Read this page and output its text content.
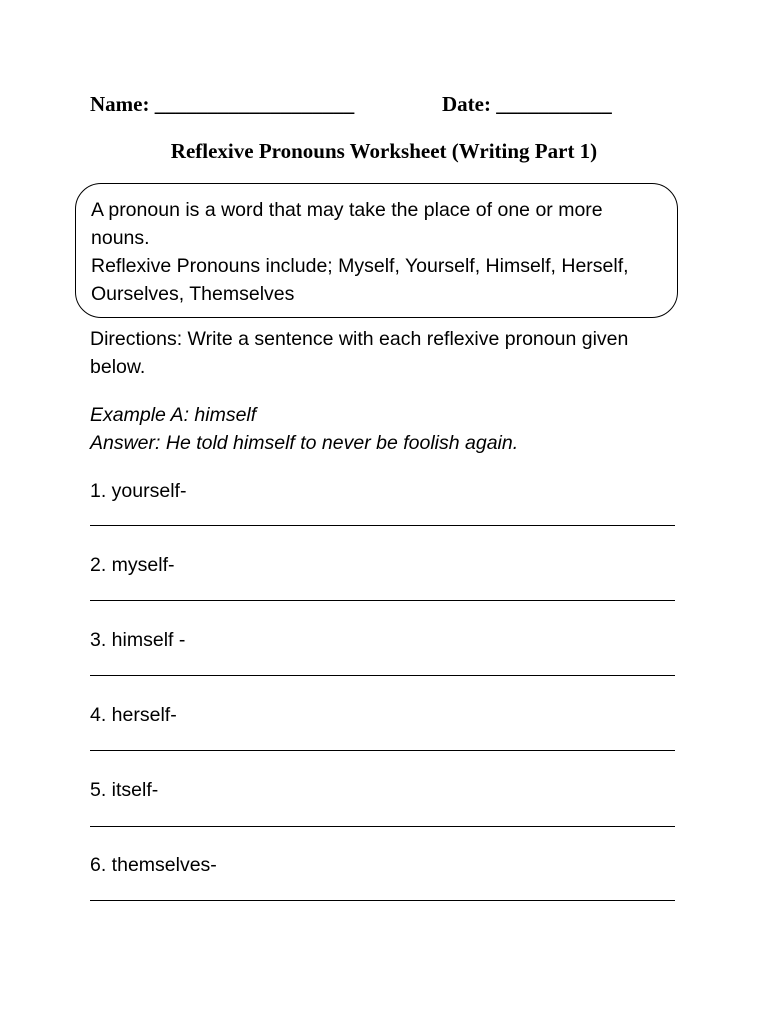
Name: ___________________	Date: ___________
Reflexive Pronouns Worksheet (Writing Part 1)

A pronoun is a word that may take the place of one or more

nouns.

Reflexive Pronouns include; Myself, Yourself, Himself, Herself,

Ourselves, Themselves

Directions: Write a sentence with each reflexive pronoun given
below.
Example A: himself
Answer: He told himself to never be foolish again.
1. yourself-
2. myself-
3. himself -
4. herself-
5. itself-
6. themselves-
